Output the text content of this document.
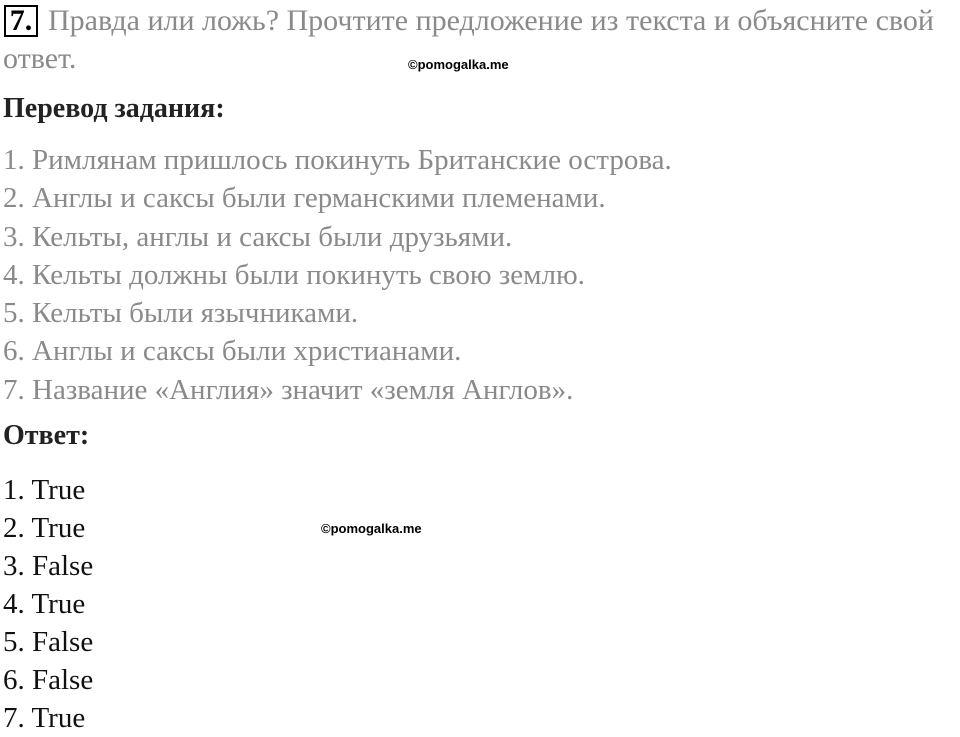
Правда или ложь? Прочтите предложение из текста и объясните свой ответ.

7.
©pomogalka.me
Перевод задания:
1. Римлянам пришлось покинуть Британские острова.
2. Англы и саксы были германскими племенами.
3. Кельты, англы и саксы были друзьями.
4. Кельты должны были покинуть свою землю.
5. Кельты были язычниками.
6. Англы и саксы были христианами.
7. Название «Англия» значит «земля Англов».
Ответ:
1. True
2. True
3. False
4. True
5. False
6. False
7. True
©pomogalka.me
